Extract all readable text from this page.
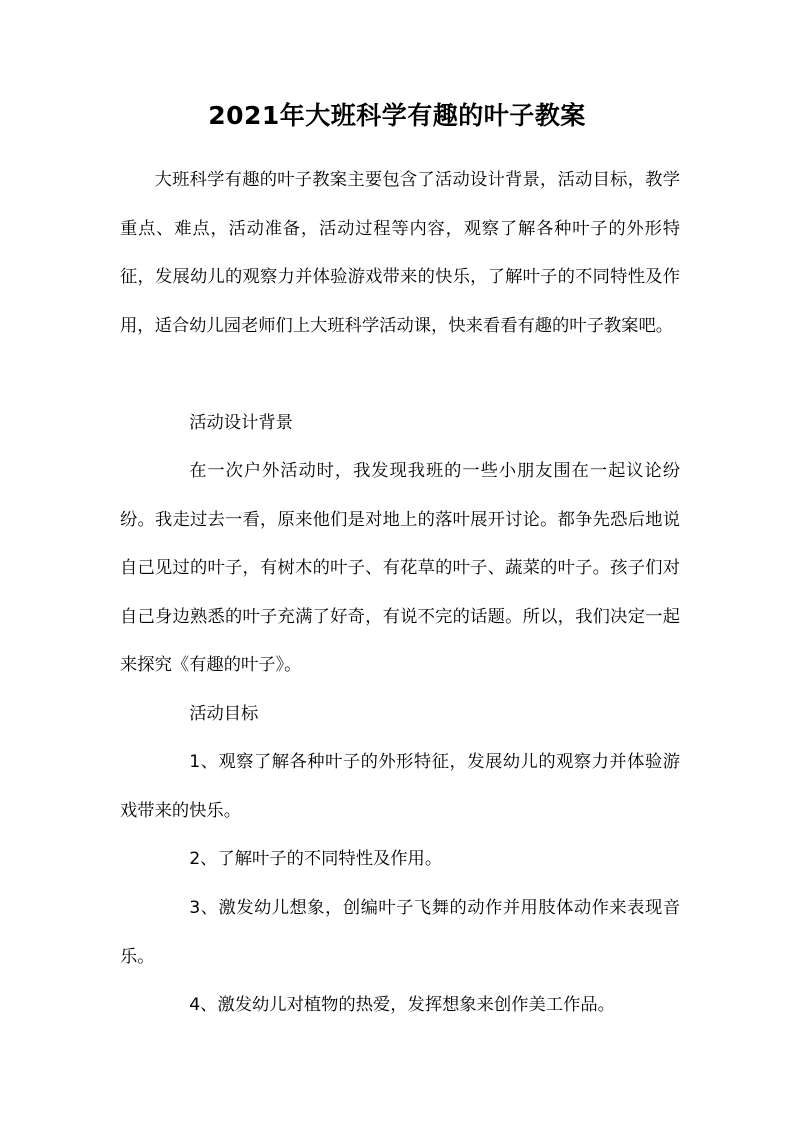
2021年大班科学有趣的叶子教案

大班科学有趣的叶子教案主要包含了活动设计背景，活动目标，教学重点、难点，活动准备，活动过程等内容，观察了解各种叶子的外形特征，发展幼儿的观察力并体验游戏带来的快乐，了解叶子的不同特性及作用，适合幼儿园老师们上大班科学活动课，快来看看有趣的叶子教案吧。

活动设计背景

在一次户外活动时，我发现我班的一些小朋友围在一起议论纷纷。我走过去一看，原来他们是对地上的落叶展开讨论。都争先恐后地说自己见过的叶子，有树木的叶子、有花草的叶子、蔬菜的叶子。孩子们对自己身边熟悉的叶子充满了好奇，有说不完的话题。所以，我们决定一起来探究《有趣的叶子》。

活动目标

1、观察了解各种叶子的外形特征，发展幼儿的观察力并体验游戏带来的快乐。

2、了解叶子的不同特性及作用。

3、激发幼儿想象，创编叶子飞舞的动作并用肢体动作来表现音乐。

4、激发幼儿对植物的热爱，发挥想象来创作美工作品。
